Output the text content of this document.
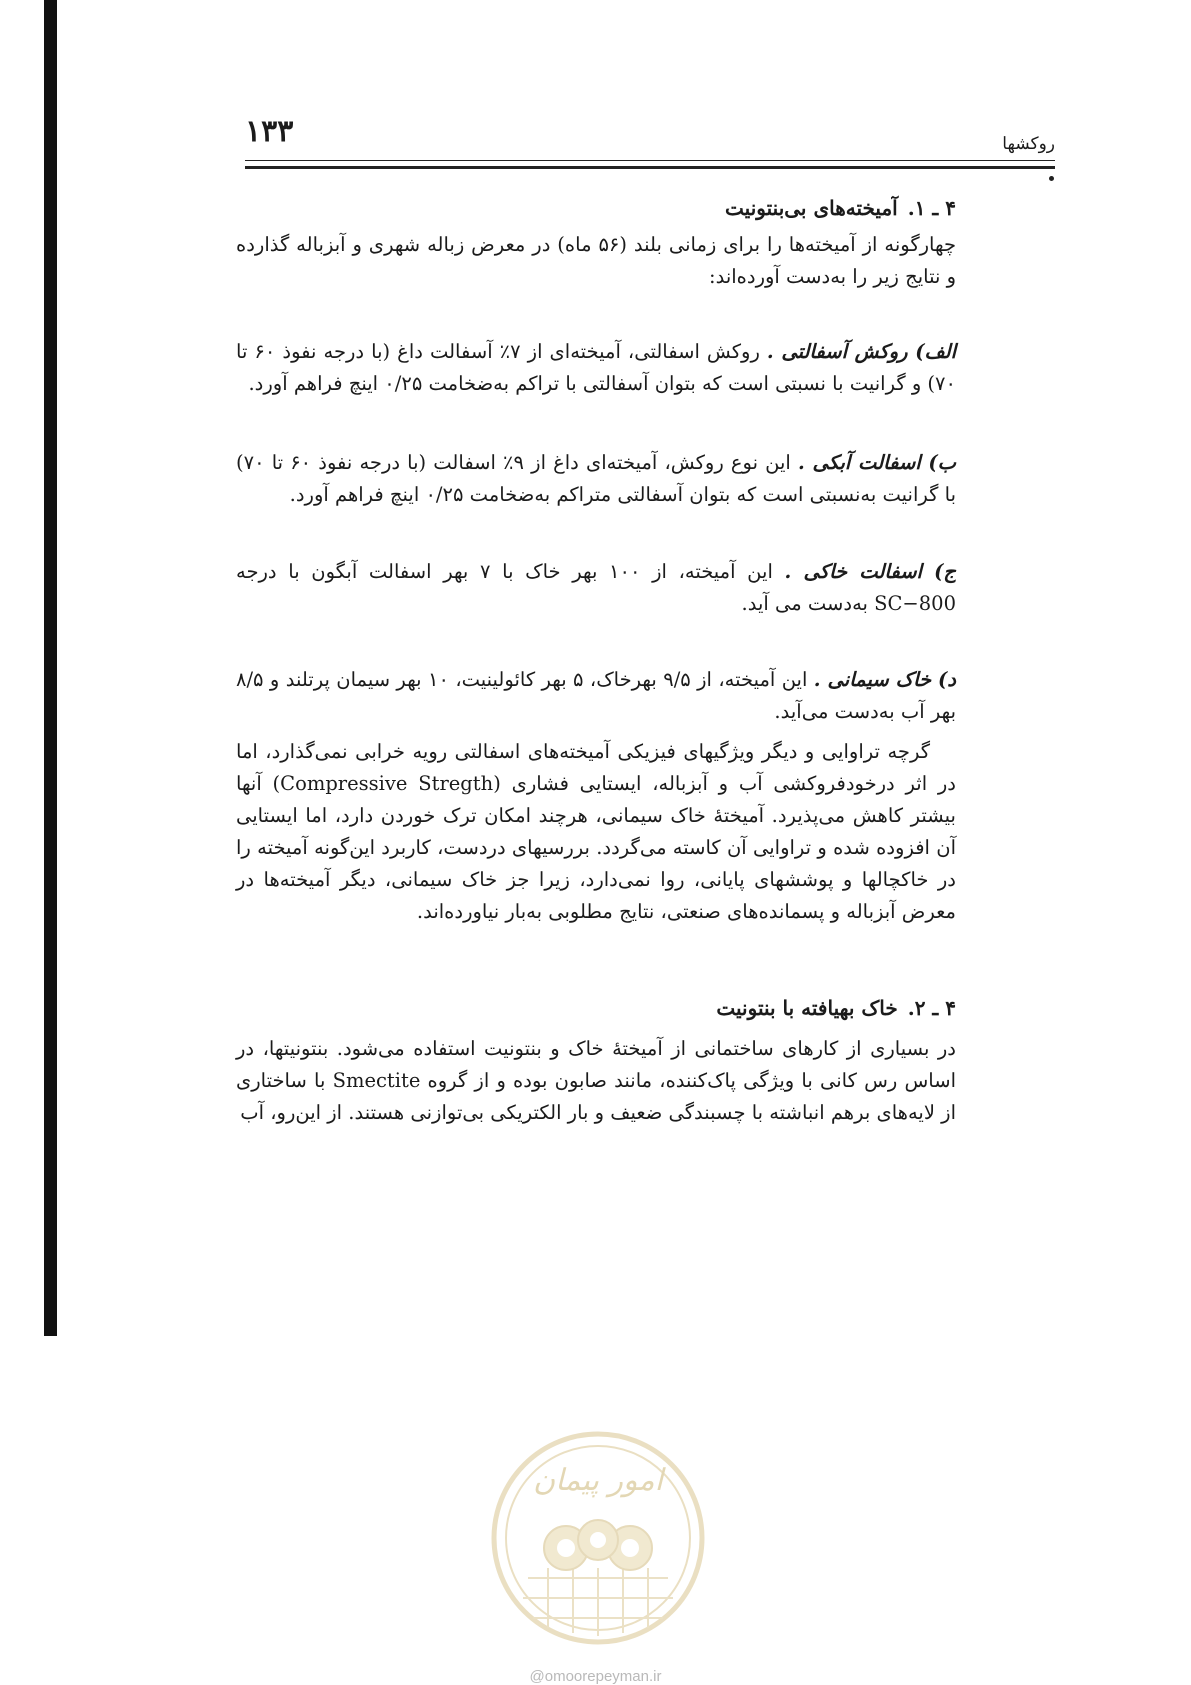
۱۳۳	روکشها
۴ ـ ۱.آمیخته‌های بی‌بنتونیت
چهارگونه از آمیخته‌ها را برای زمانی بلند (۵۶ ماه) در معرض زباله شهری و آبزباله گذارده و نتایج زیر را به‌دست آورده‌اند:
الف) روکش آسفالتی . روکش اسفالتی، آمیخته‌ای از ۷٪ آسفالت داغ (با درجه نفوذ ۶۰ تا ۷۰) و گرانیت با نسبتی است که بتوان آسفالتی با تراکم به‌ضخامت ۰/۲۵ اینچ فراهم آورد.
ب) اسفالت آبکی . این نوع روکش، آمیخته‌ای داغ از ۹٪ اسفالت (با درجه نفوذ ۶۰ تا ۷۰) با گرانیت به‌نسبتی است که بتوان آسفالتی متراکم به‌ضخامت ۰/۲۵ اینچ فراهم آورد.
ج) اسفالت خاکی . این آمیخته، از ۱۰۰ بهر خاک با ۷ بهر اسفالت آبگون با درجه SC−800 به‌دست می آید.
د) خاک سیمانی . این آمیخته، از ۹/۵ بهرخاک، ۵ بهر کائولینیت، ۱۰ بهر سیمان پرتلند و ۸/۵ بهر آب به‌دست می‌آید.
گرچه تراوایی و دیگر ویژگیهای فیزیکی آمیخته‌های اسفالتی رویه خرابی نمی‌گذارد، اما در اثر درخودفروکشی آب و آبزباله، ایستایی فشاری (Compressive Stregth) آنها بیشتر کاهش می‌پذیرد. آمیختهٔ خاک سیمانی، هرچند امکان ترک خوردن دارد، اما ایستایی آن افزوده شده و تراوایی آن کاسته می‌گردد. بررسیهای دردست، کاربرد این‌گونه آمیخته را در خاکچالها و پوششهای پایانی، روا نمی‌دارد، زیرا جز خاک سیمانی، دیگر آمیخته‌ها در معرض آبزباله و پسمانده‌های صنعتی، نتایج مطلوبی به‌بار نیاورده‌اند.
۴ ـ ۲.خاک بهیافته با بنتونیت
در بسیاری از کارهای ساختمانی از آمیختهٔ خاک و بنتونیت استفاده می‌شود. بنتونیتها، در اساس رس کانی با ویژگی پاک‌کننده، مانند صابون بوده و از گروه Smectite با ساختاری از لایه‌های برهم انباشته با چسبندگی ضعیف و بار الکتریکی بی‌توازنی هستند. از این‌رو، آب
امور پیمان
@omoorepeyman.ir
